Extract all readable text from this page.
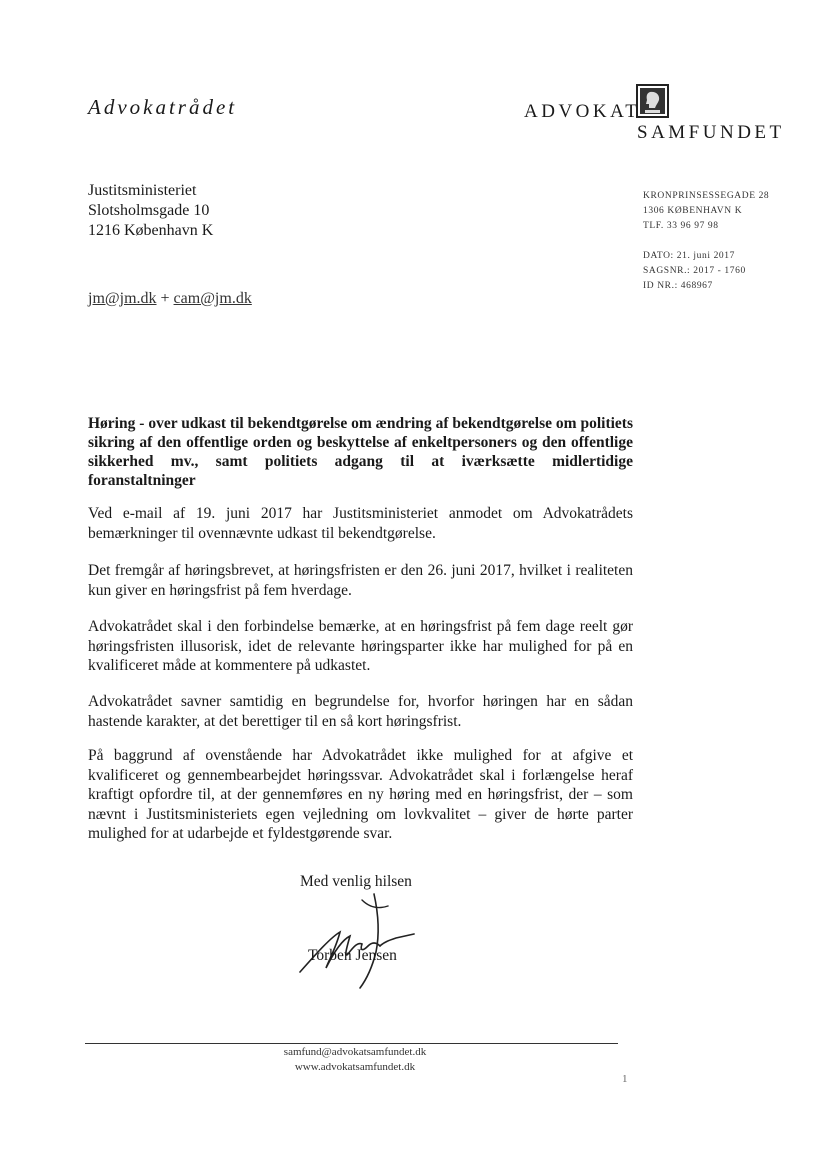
Advokatrådet	ADVOKAT
SAMFUNDET
Justitsministeriet
Slotsholmsgade 10
1216 København K
KRONPRINSESSEGADE 28
1306 KØBENHAVN K
TLF. 33 96 97 98
DATO: 21. juni 2017
SAGSNR.: 2017 - 1760
ID NR.: 468967
jm@jm.dk + cam@jm.dk
Høring - over udkast til bekendtgørelse om ændring af bekendtgørelse om politiets sikring af den offentlige orden og beskyttelse af enkeltpersoners og den offentlige sikkerhed mv., samt politiets adgang til at iværksætte midlertidige foranstaltninger
Ved e-mail af 19. juni 2017 har Justitsministeriet anmodet om Advokatrådets bemærkninger til ovennævnte udkast til bekendtgørelse.
Det fremgår af høringsbrevet, at høringsfristen er den 26. juni 2017, hvilket i realiteten kun giver en høringsfrist på fem hverdage.
Advokatrådet skal i den forbindelse bemærke, at en høringsfrist på fem dage reelt gør høringsfristen illusorisk, idet de relevante høringsparter ikke har mulighed for på en kvalificeret måde at kommentere på udkastet.
Advokatrådet savner samtidig en begrundelse for, hvorfor høringen har en sådan hastende karakter, at det berettiger til en så kort høringsfrist.
På baggrund af ovenstående har Advokatrådet ikke mulighed for at afgive et kvalificeret og gennembearbejdet høringssvar. Advokatrådet skal i forlængelse heraf kraftigt opfordre til, at der gennemføres en ny høring med en høringsfrist, der – som nævnt i Justitsministeriets egen vejledning om lovkvalitet – giver de hørte parter mulighed for at udarbejde et fyldestgørende svar.
Med venlig hilsen
Torben Jensen
samfund@advokatsamfundet.dk
www.advokatsamfundet.dk
1
